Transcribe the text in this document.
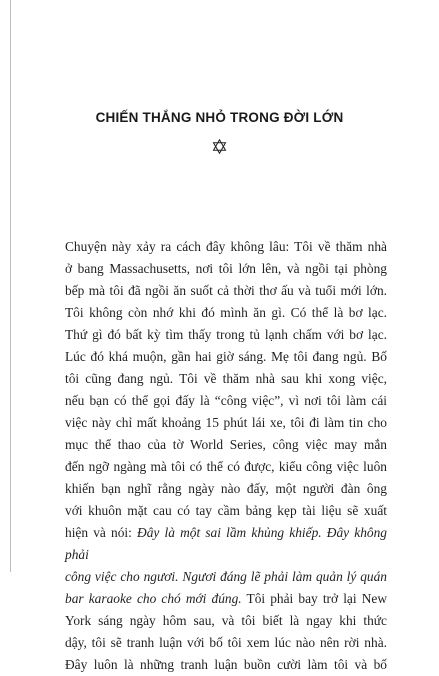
CHIẾN THẮNG NHỎ TRONG ĐỜI LỚN
Chuyện này xảy ra cách đây không lâu: Tôi về thăm nhà
ở bang Massachusetts, nơi tôi lớn lên, và ngồi tại phòng
bếp mà tôi đã ngồi ăn suốt cả thời thơ ấu và tuổi mới lớn.
Tôi không còn nhớ khi đó mình ăn gì. Có thể là bơ lạc.
Thứ gì đó bất kỳ tìm thấy trong tủ lạnh chấm với bơ lạc.
Lúc đó khá muộn, gần hai giờ sáng. Mẹ tôi đang ngủ. Bố
tôi cũng đang ngủ. Tôi về thăm nhà sau khi xong việc,
nếu bạn có thể gọi đấy là “công việc”, vì nơi tôi làm cái
việc này chỉ mất khoảng 15 phút lái xe, tôi đi làm tin cho
mục thể thao của tờ World Series, công việc may mắn
đến ngỡ ngàng mà tôi có thể có được, kiểu công việc luôn
khiến bạn nghĩ rằng ngày nào đấy, một người đàn ông
với khuôn mặt cau có tay cầm bảng kẹp tài liệu sẽ xuất
hiện và nói: Đây là một sai lầm khủng khiếp. Đây không phải
công việc cho ngươi. Ngươi đáng lẽ phải làm quản lý quán
bar karaoke cho chó mới đúng. Tôi phải bay trở lại New
York sáng ngày hôm sau, và tôi biết là ngay khi thức
dậy, tôi sẽ tranh luận với bố tôi xem lúc nào nên rời nhà.
Đây luôn là những tranh luận buồn cười làm tôi và bố
